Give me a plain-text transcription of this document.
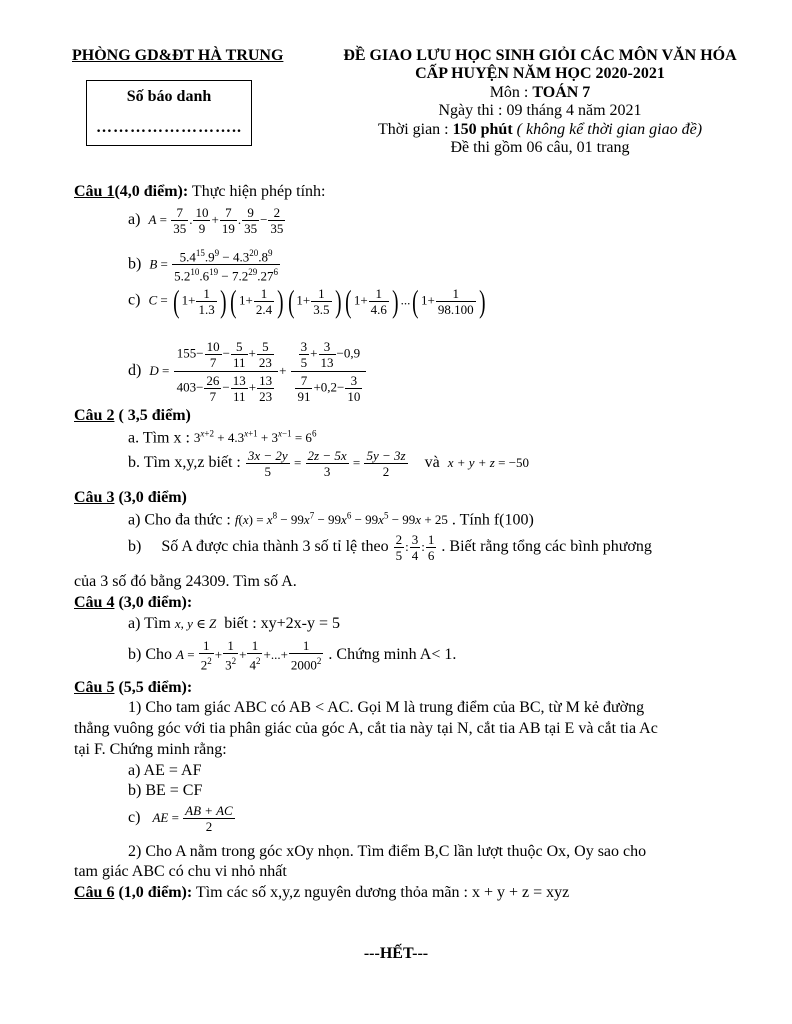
PHÒNG GD&ĐT HÀ TRUNG
Số báo danh
……………………..
ĐỀ GIAO LƯU HỌC SINH GIỎI CÁC MÔN VĂN HÓA
CẤP HUYỆN NĂM HỌC 2020-2021
Môn : TOÁN 7
Ngày thi : 09 tháng 4 năm 2021
Thời gian : 150 phút ( không kể thời gian giao đề)
Đề thi gồm 06 câu, 01 trang
Câu 1(4,0 điểm): Thực hiện phép tính:
a) $A = \frac{7}{35}$ . $\frac{10}{9} + \frac{7}{19}$ . $\frac{9}{35} - \frac{2}{35}$
b) $B = \frac{5.4^{15}.9^9 - 4.3^{20}.8^9}{5.2^{10}.6^{19} - 7.2^{29}.27^6}$
c) C = ( $1+ \frac{1}{1.3}$ ) ( $1+ \frac{1}{2.4}$ ) ( $1+ \frac{1}{3.5}$ ) ( $1+ \frac{1}{4.6}$ ) ...( $1+ \frac{1}{98.100}$ )
d) $D = \frac{155- \frac{10}{7} - \frac{5}{11} + \frac{5}{23}}{403- \frac{26}{7} - \frac{13}{11} + \frac{13}{23}} + \frac{\frac{3}{5} + \frac{3}{13} -0,9}{\frac{7}{91} +0,2- \frac{3}{10}}$
Câu 2 ( 3,5 điểm)
a. Tìm x : $3^{x+2} + 4.3^{x+1} + 3^{x-1} = 6^6$
b. Tìm x,y,z biết : $\frac{3x - 2y}{5} = \frac{2z - 5x}{3} = \frac{5y - 3z}{2}$ và  x + y + z = −50
Câu 3 (3,0 điểm)
a) Cho đa thức : $f(x) = x^8 - 99x^7 - 99x^6 - 99x^5 - 99x + 25$ . Tính f(100)
b) Số A được chia thành 3 số tỉ lệ theo $\frac{2}{5}$ : $\frac{3}{4}$ : $\frac{1}{6}$ . Biết rằng tổng các bình phương
của 3 số đó bằng 24309. Tìm số A.
Câu 4 (3,0 điểm):
a) Tìm x, y ∈ Z  biết : xy+2x-y = 5
b) Cho $A = \frac{1}{2^2} + \frac{1}{3^2} + \frac{1}{4^2}$ +...+ $\frac{1}{2000^2}$ . Chứng minh A< 1.
Câu 5 (5,5 điểm):
1) Cho tam giác ABC có AB < AC. Gọi M là trung điểm của BC, từ M kẻ đường
thẳng vuông góc với tia phân giác của góc A, cắt tia này tại N, cắt tia AB tại E và cắt tia Ac
tại F. Chứng minh rằng:
a) AE = AF
b) BE = CF
c) AE = $\frac{AB + AC}{2}$
2) Cho A nằm trong góc xOy nhọn. Tìm điểm B,C lần lượt thuộc Ox, Oy sao cho
tam giác ABC có chu vi nhỏ nhất
Câu 6 (1,0 điểm): Tìm các số x,y,z nguyên dương thỏa mãn : x + y + z = xyz
---HẾT---
